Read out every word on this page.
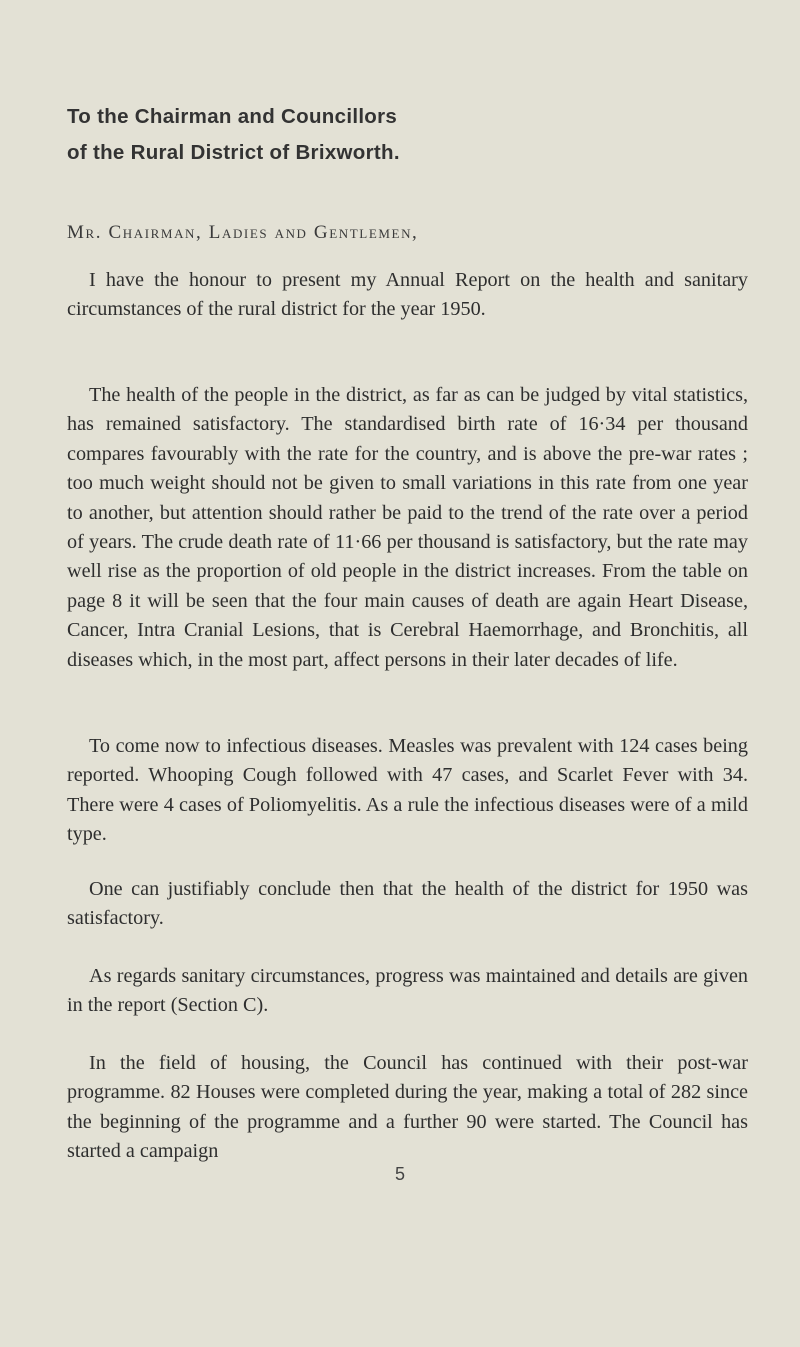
To the Chairman and Councillors
of the Rural District of Brixworth.

Mr. Chairman, Ladies and Gentlemen,

I have the honour to present my Annual Report on the health and sanitary circumstances of the rural district for the year 1950.

The health of the people in the district, as far as can be judged by vital statistics, has remained satisfactory. The standardised birth rate of 16·34 per thousand compares favourably with the rate for the country, and is above the pre-war rates ; too much weight should not be given to small variations in this rate from one year to another, but attention should rather be paid to the trend of the rate over a period of years. The crude death rate of 11·66 per thousand is satisfactory, but the rate may well rise as the proportion of old people in the district increases. From the table on page 8 it will be seen that the four main causes of death are again Heart Disease, Cancer, Intra Cranial Lesions, that is Cerebral Haemorrhage, and Bronchitis, all diseases which, in the most part, affect persons in their later decades of life.

To come now to infectious diseases. Measles was prevalent with 124 cases being reported. Whooping Cough followed with 47 cases, and Scarlet Fever with 34. There were 4 cases of Poliomyelitis. As a rule the infectious diseases were of a mild type.

One can justifiably conclude then that the health of the district for 1950 was satisfactory.

As regards sanitary circumstances, progress was maintained and details are given in the report (Section C).

In the field of housing, the Council has continued with their post-war programme. 82 Houses were completed during the year, making a total of 282 since the beginning of the programme and a further 90 were started. The Council has started a campaign

5
